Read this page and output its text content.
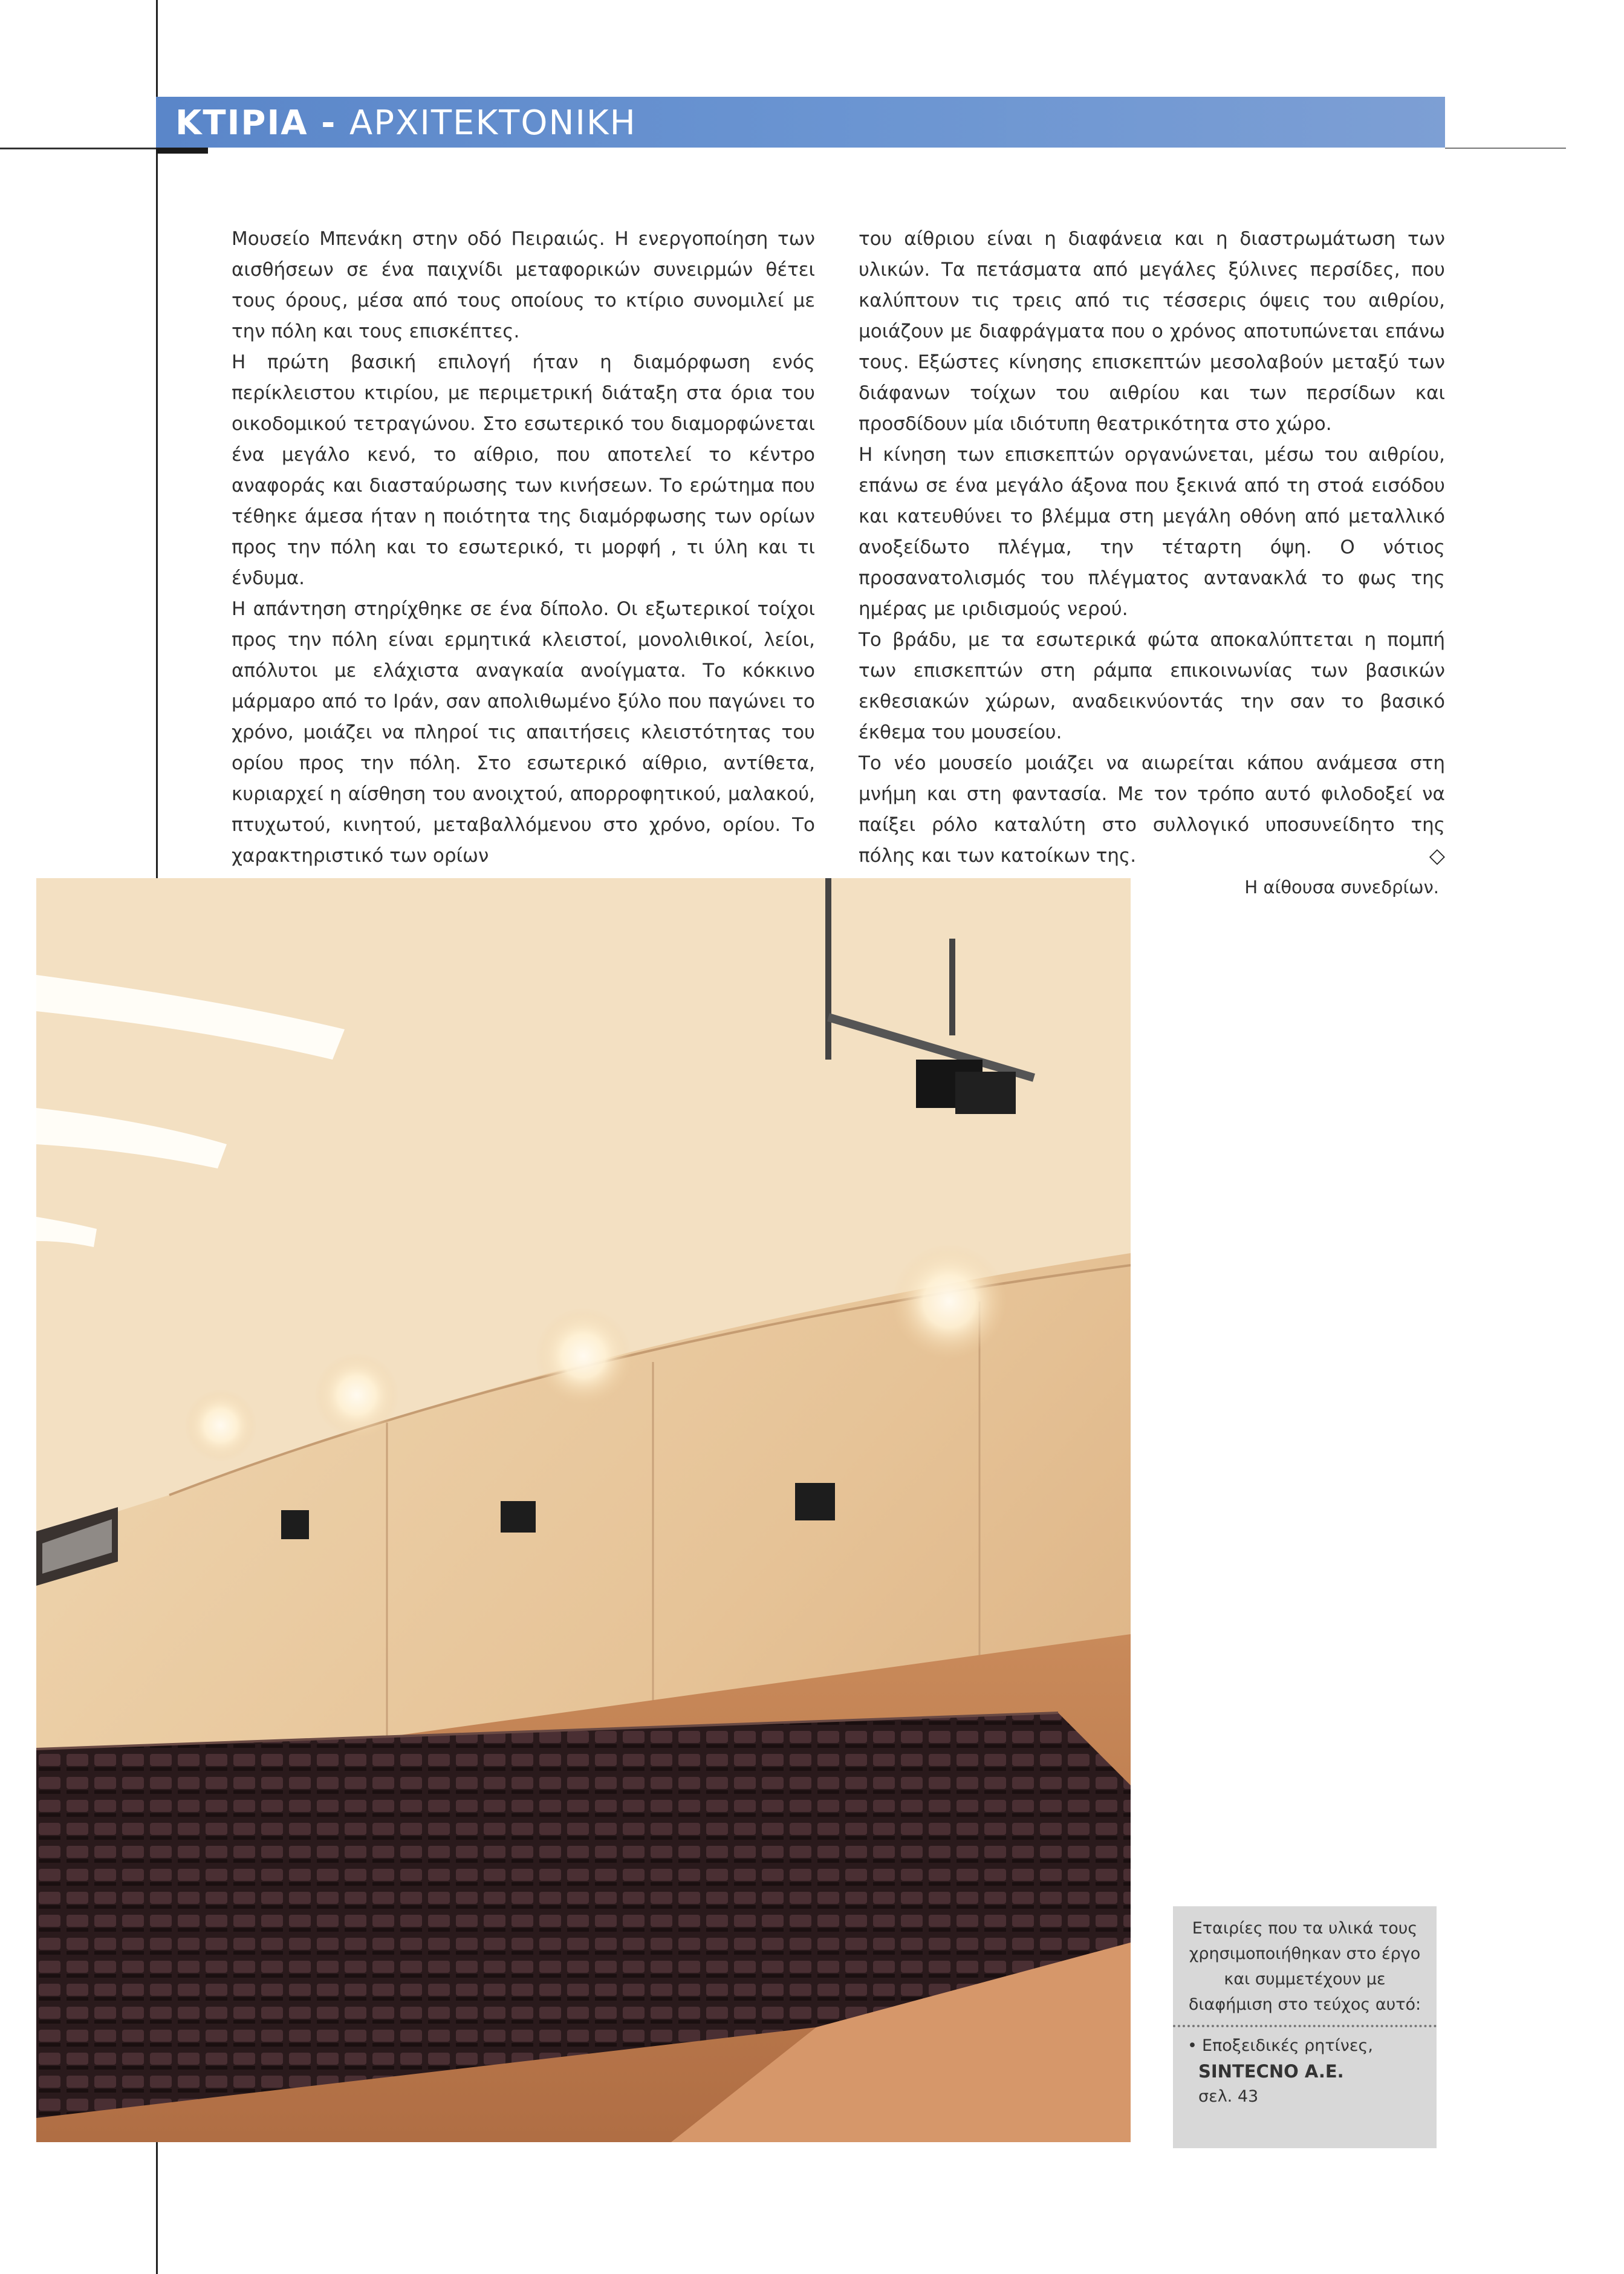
ΚΤΙΡΙΑ - ΑΡΧΙΤΕΚΤΟΝΙΚΗ

Μουσείο Μπενάκη στην οδό Πειραιώς. Η ενεργοποίηση των αισθήσεων σε ένα παιχνίδι μεταφορικών συνειρμών θέτει τους όρους, μέσα από τους οποίους το κτίριο συνομιλεί με την πόλη και τους επισκέπτες.

Η πρώτη βασική επιλογή ήταν η διαμόρφωση ενός περίκλειστου κτιρίου, με περιμετρική διάταξη στα όρια του οικοδομικού τετραγώνου. Στο εσωτερικό του διαμορφώνεται ένα μεγάλο κενό, το αίθριο, που αποτελεί το κέντρο αναφοράς και διασταύρωσης των κινήσεων. Το ερώτημα που τέθηκε άμεσα ήταν η ποιότητα της διαμόρφωσης των ορίων προς την πόλη και το εσωτερικό, τι μορφή , τι ύλη και τι ένδυμα.

Η απάντηση στηρίχθηκε σε ένα δίπολο. Οι εξωτερικοί τοίχοι προς την πόλη είναι ερμητικά κλειστοί, μονολιθικοί, λείοι, απόλυτοι με ελάχιστα αναγκαία ανοίγματα. Το κόκκινο μάρμαρο από το Ιράν, σαν απολιθωμένο ξύλο που παγώνει το χρόνο, μοιάζει να πληροί τις απαιτήσεις κλειστότητας του ορίου προς την πόλη. Στο εσωτερικό αίθριο, αντίθετα, κυριαρχεί η αίσθηση του ανοιχτού, απορροφητικού, μαλακού, πτυχωτού, κινητού, μεταβαλλόμενου στο χρόνο, ορίου. Το χαρακτηριστικό των ορίων

του αίθριου είναι η διαφάνεια και η διαστρωμάτωση των υλικών. Τα πετάσματα από μεγάλες ξύλινες περσίδες, που καλύπτουν τις τρεις από τις τέσσερις όψεις του αιθρίου, μοιάζουν με διαφράγματα που ο χρόνος αποτυπώνεται επάνω τους. Εξώστες κίνησης επισκεπτών μεσολαβούν μεταξύ των διάφανων τοίχων του αιθρίου και των περσίδων και προσδίδουν μία ιδιότυπη θεατρικότητα στο χώρο.

Η κίνηση των επισκεπτών οργανώνεται, μέσω του αιθρίου, επάνω σε ένα μεγάλο άξονα που ξεκινά από τη στοά εισόδου και κατευθύνει το βλέμμα στη μεγάλη οθόνη από μεταλλικό ανοξείδωτο πλέγμα, την τέταρτη όψη. Ο νότιος προσανατολισμός του πλέγματος αντανακλά το φως της ημέρας με ιριδισμούς νερού.

Το βράδυ, με τα εσωτερικά φώτα αποκαλύπτεται η πομπή των επισκεπτών στη ράμπα επικοινωνίας των βασικών εκθεσιακών χώρων, αναδεικνύοντάς την σαν το βασικό έκθεμα του μουσείου.

Το νέο μουσείο μοιάζει να αιωρείται κάπου ανάμεσα στη μνήμη και στη φαντασία. Με τον τρόπο αυτό φιλοδοξεί να παίξει ρόλο καταλύτη στο συλλογικό υποσυνείδητο της πόλης και των κατοίκων της.	◇

Η αίθουσα συνεδρίων.
Εταιρίες που τα υλικά τους χρησιμοποιήθηκαν στο έργο και συμμετέχουν με διαφήμιση στο τεύχος αυτό:
• Εποξειδικές ρητίνες,
SINTECNO A.E.
σελ. 43
